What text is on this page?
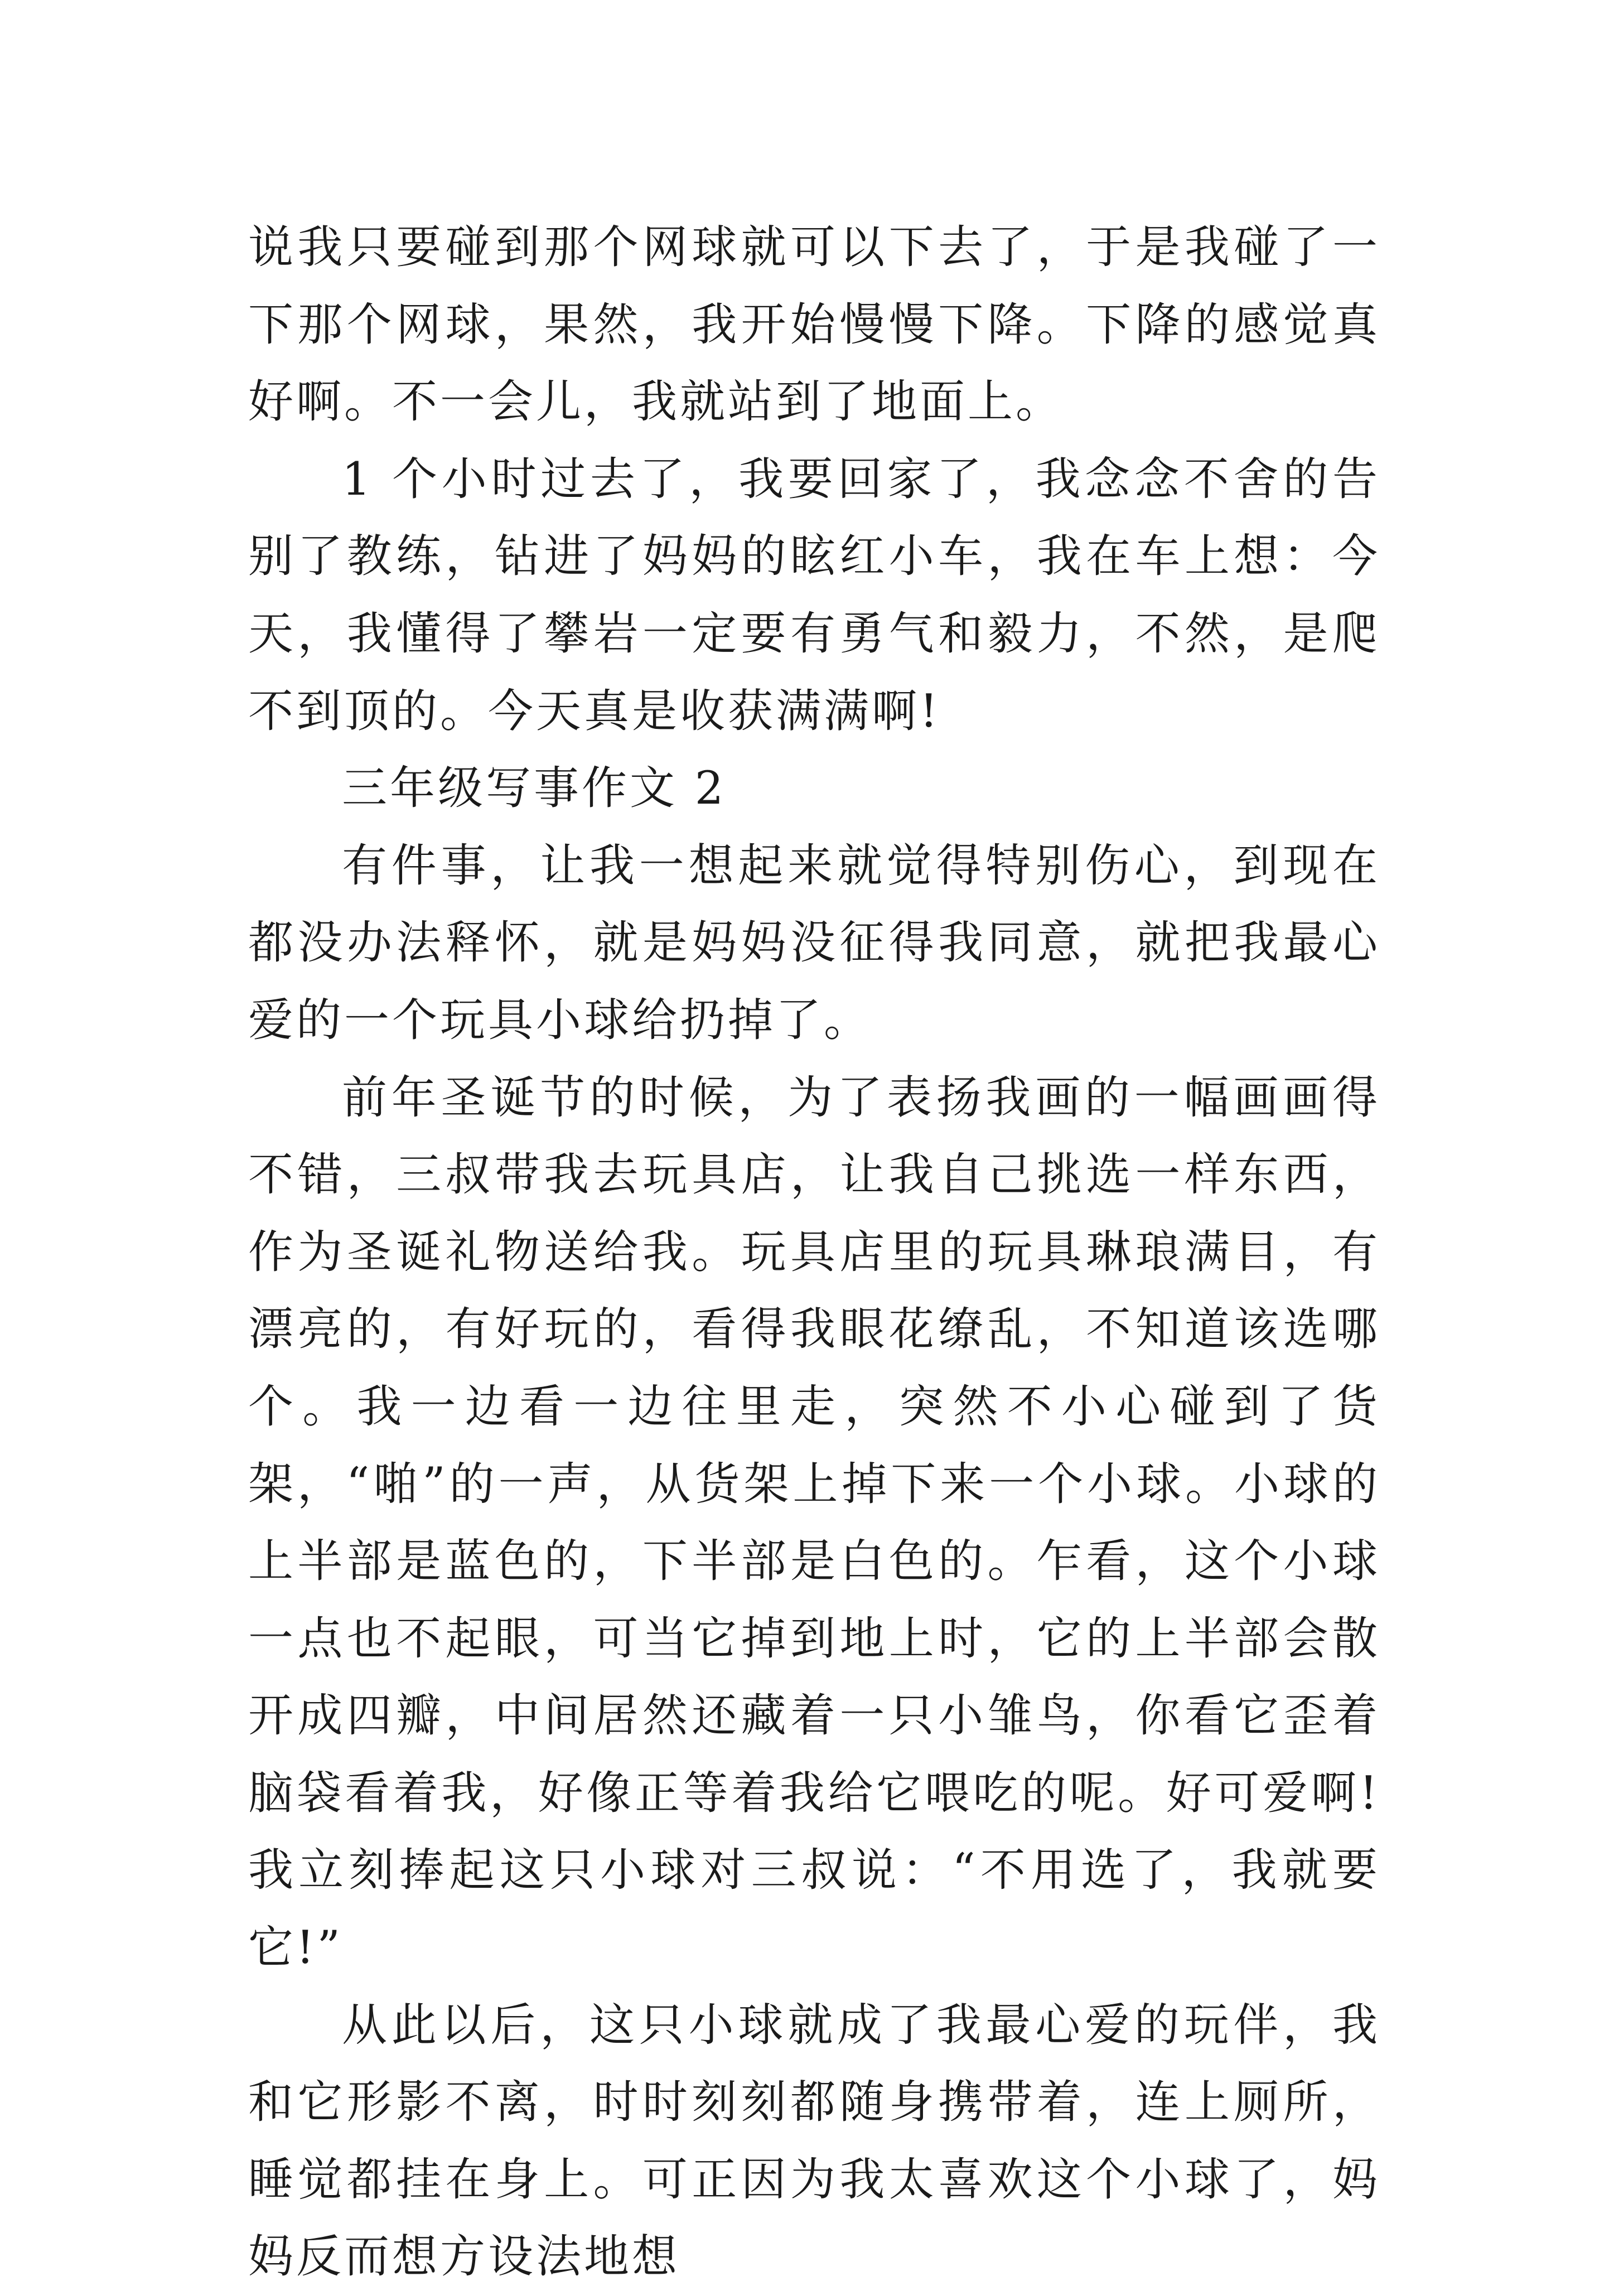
说我只要碰到那个网球就可以下去了，于是我碰了一下那个网球，果然，我开始慢慢下降。下降的感觉真好啊。不一会儿，我就站到了地面上。

1 个小时过去了，我要回家了，我念念不舍的告别了教练，钻进了妈妈的眩红小车，我在车上想：今天，我懂得了攀岩一定要有勇气和毅力，不然，是爬不到顶的。今天真是收获满满啊!

三年级写事作文 2

有件事，让我一想起来就觉得特别伤心，到现在都没办法释怀，就是妈妈没征得我同意，就把我最心爱的一个玩具小球给扔掉了。

前年圣诞节的时候，为了表扬我画的一幅画画得不错，三叔带我去玩具店，让我自己挑选一样东西，作为圣诞礼物送给我。玩具店里的玩具琳琅满目，有漂亮的，有好玩的，看得我眼花缭乱，不知道该选哪个。我一边看一边往里走，突然不小心碰到了货架，“啪”的一声，从货架上掉下来一个小球。小球的上半部是蓝色的，下半部是白色的。乍看，这个小球一点也不起眼，可当它掉到地上时，它的上半部会散开成四瓣，中间居然还藏着一只小雏鸟，你看它歪着脑袋看着我，好像正等着我给它喂吃的呢。好可爱啊!我立刻捧起这只小球对三叔说：“不用选了，我就要它!”

从此以后，这只小球就成了我最心爱的玩伴，我和它形影不离，时时刻刻都随身携带着，连上厕所，睡觉都挂在身上。可正因为我太喜欢这个小球了，妈妈反而想方设法地想
